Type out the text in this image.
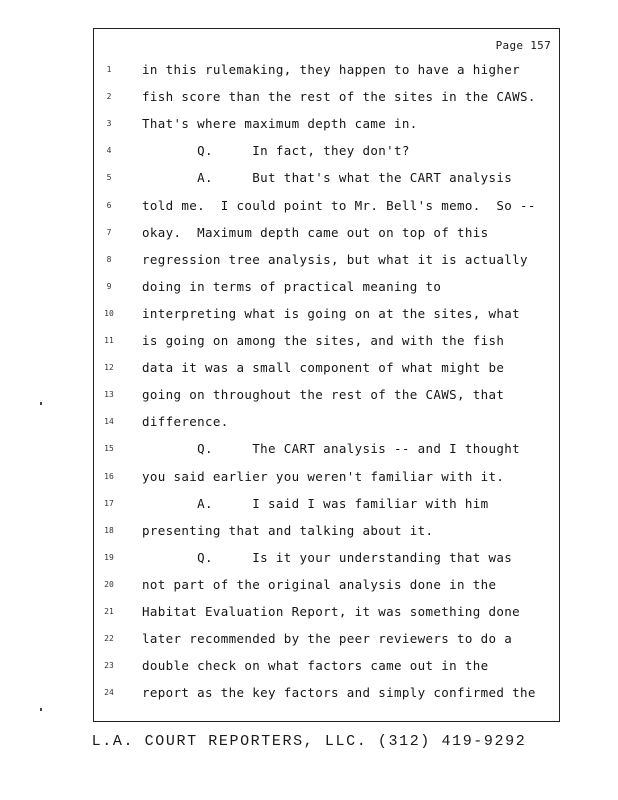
Page 157
1	in this rulemaking, they happen to have a higher
2	fish score than the rest of the sites in the CAWS.
3	That's where maximum depth came in.
4	Q.     In fact, they don't?
5	A.     But that's what the CART analysis
6	told me.  I could point to Mr. Bell's memo.  So --
7	okay.  Maximum depth came out on top of this
8	regression tree analysis, but what it is actually
9	doing in terms of practical meaning to
10	interpreting what is going on at the sites, what
11	is going on among the sites, and with the fish
12	data it was a small component of what might be
13	going on throughout the rest of the CAWS, that
14	difference.
15	Q.     The CART analysis -- and I thought
16	you said earlier you weren't familiar with it.
17	A.     I said I was familiar with him
18	presenting that and talking about it.
19	Q.     Is it your understanding that was
20	not part of the original analysis done in the
21	Habitat Evaluation Report, it was something done
22	later recommended by the peer reviewers to do a
23	double check on what factors came out in the
24	report as the key factors and simply confirmed the
L.A. COURT REPORTERS, LLC. (312) 419-9292
